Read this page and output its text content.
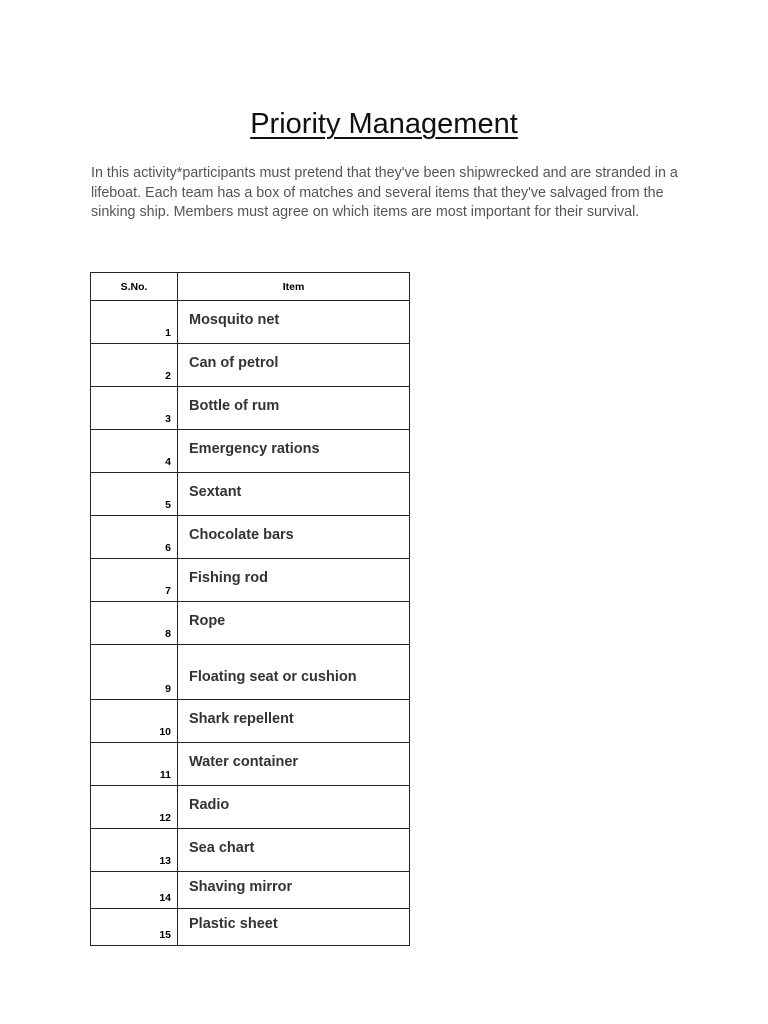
Priority Management
In this activity*participants must pretend that they've been shipwrecked and are stranded in a lifeboat. Each team has a box of matches and several items that they've salvaged from the sinking ship. Members must agree on which items are most important for their survival.
S.No.	Item
1	Mosquito net
2	Can of petrol
3	Bottle of rum
4	Emergency rations
5	Sextant
6	Chocolate bars
7	Fishing rod
8	Rope
9	Floating seat or cushion
10	Shark repellent
11	Water container
12	Radio
13	Sea chart
14	Shaving mirror
15	Plastic sheet
